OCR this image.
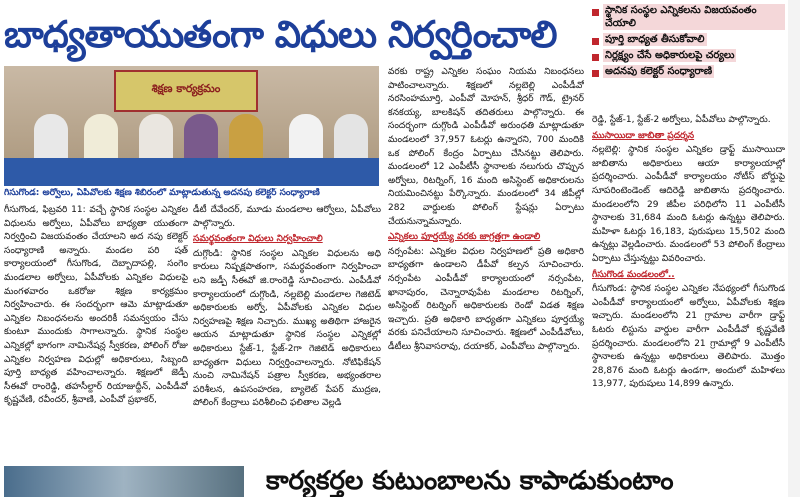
బాధ్యతాయుతంగా విధులు నిర్వర్తించాలి
స్థానిక సంస్థల ఎన్నికలను విజయవంతం చేయాలి
పూర్తి బాధ్యత తీసుకోవాలి
నిర్లక్ష్యం చేసే అధికారులపై చర్యలు
అదనపు కలెక్టర్ సంధ్యారాణి
శిక్షణ కార్యక్రమం
గిసుగొండ: అర్వోలు, ఏపీవోలకు శిక్షణ శిబిరంలో మాట్లాడుతున్న అదనపు కలెక్టర్ సంధ్యారాణి

గీసుగొండ, ఫిబ్రవరి 11: వచ్చే స్థానిక సంస్థల ఎన్నికల విధులను అర్వోలు, ఏపీవోలు బాధ్యతా యుతంగా నిర్వర్తించి విజయవంతం చేయాలని అద నపు కలెక్టర్ సంధ్యారాణి అన్నారు. మండల పరి షత్ కార్యాలయంలో గీసుగొండ, దెబ్బాదాపల్లి, సంగెం మండలాల అర్వోలు, ఏపీవోలకు ఎన్నికల విధులపై మంగళవారం ఒకరోజు శిక్షణ కార్యక్రమం నిర్వహించారు. ఈ సందర్భంగా ఆమె మాట్లాడుతూ ఎన్నికల నిబంధనలను అందరికీ సమన్వయం చేసు కుంటూ ముందుకు సాగాలన్నారు. స్థానిక సంస్థల ఎన్నికల్లో భాగంగా నామినేషన్ల స్వీకరణ, పోలింగ్ రోజు ఎన్నికల నిర్వహణ విధుల్లో అధికారులు, సిబ్బంది పూర్తి బాధ్యత వహించాలన్నారు. శిక్షణలో జెడ్పీ సీఈవో రాంరెడ్డి, తహసీల్దార్ రియాజుద్దీన్, ఎంపీడీవో కృష్ణవేణి, రవీందర్, శ్రీవాణి, ఎంపీవో ప్రభాకర్,

డీటీ దేవేందర్, మూడు మండలాల ఆర్వోలు, ఏపీవోలు పాల్గొన్నారు.

సమర్థవంతంగా విధులు నిర్వహించాలి

దుగ్గొండి: స్థానిక సంస్థల ఎన్నికల విధులను అధి కారులు నిష్పక్షపాతంగా, సమర్థవంతంగా నిర్వహించా లని జడ్పీ సీఈవో జి.రాంరెడ్డి సూచించారు. ఎంపీడీవో కార్యాలయంలో దుగ్గొండి, నల్లబెల్లి మండలాల గెజిటెడ్ అధికారులకు అర్వో, ఏపీవోలకు ఎన్నికల విధుల నిర్వహణపై శిక్షణ నిచ్చారు. ముఖ్య అతిథిగా హాజరైన ఆయన మాట్లాడుతూ స్థానిక సంస్థల ఎన్నికల్లో అధికారులు స్టేజ్-1, స్టేజ్-2గా గెజిటెడ్ అధికారులు బాధ్యతగా విధులు నిర్వర్తించాలన్నారు. నోటిఫికేషన్ నుంచి నామినేషన్ పత్రాల స్వీకరణ, అభ్యంతరాల పరిశీలన, ఉపసంహరణ, బ్యాలెట్ పేపర్ ముద్రణ, పోలింగ్ కేంద్రాలు పరిశీలించి ఫలితాల వెల్లడి

వరకు రాష్ట్ర ఎన్నికల సంఘం నియమ నిబంధనలు పాటించాలన్నారు. శిక్షణలో నల్లబెల్లి ఎంపీడీవో నరసింహమూర్తి, ఎంపీవో మోహన్, శ్రీధర్ గౌడ్, ట్రైనర్ కనకయ్య, బాలకిషన్ తదితరులు పాల్గొన్నారు. ఈ సందర్భంగా దుగ్గొండి ఎంపీడీవో అరుంధతి మాట్లాడుతూ మండలంలో 37,957 ఓటర్లు ఉన్నారని, 700 మందికి ఒక పోలింగ్ కేంద్రం ఏర్పాటు చేసినట్టు తెలిపారు. మండలంలో 12 ఎంపీటీసీ స్థానాలకు నలుగురు చొప్పున అర్వోలు, రిటర్నింగ్, 16 మంది అసిస్టెంట్ అధికారులను నియమించినట్టు పేర్కొన్నారు. మండలంలో 34 జీపీల్లో 282 వార్డులకు పోలింగ్ స్టేషన్లు ఏర్పాటు చేయనున్నామన్నారు.

ఎన్నికలు పూర్తయ్యే వరకు జాగ్రత్తగా ఉండాలి

నర్సంపేట: ఎన్నికల విధుల నిర్వహణలో ప్రతి అధికారి బాధ్యతగా ఉండాలని డీపీవో కల్పన సూచించారు. నర్సంపేట ఎంపీడీవో కార్యాలయంలో నర్సంపేట, ఖానాపురం, చెన్నారావుపేట మండలాల రిటర్నింగ్, అసిస్టెంట్ రిటర్నింగ్ అధికారులకు రెండో విడత శిక్షణ ఇచ్చారు. ప్రతి అధికారి బాధ్యతగా ఎన్నికలు పూర్తయ్యే వరకు పనిచేయాలని సూచించారు. శిక్షణలో ఎంపీడీవోలు, డీటీలు శ్రీనివాసరావు, దయాకర్, ఎంపీవోలు పాల్గొన్నారు.

రెడ్డి, స్టేజ్-1, స్టేజ్-2 అర్వోలు, ఏపీవోలు పాల్గొన్నారు.

ముసాయిదా జాబితా ప్రదర్శన

నల్లబెల్లి: స్థానిక సంస్థల ఎన్నికల డ్రాఫ్ట్ ముసాయిదా జాబితాను అధికారులు ఆయా కార్యాలయాల్లో ప్రదర్శించారు. ఎంపీడీవో కార్యాలయం నోటీస్ బోర్డుపై సూపరింటెండెంట్ ఆదిరెడ్డి జాబితాను ప్రదర్శించారు. మండలంలోని 29 జీపీల పరిధిలోని 11 ఎంపీటీసీ స్థానాలకు 31,684 మంది ఓటర్లు ఉన్నట్టు తెలిపారు. మహిళా ఓటర్లు 16,183, పురుషులు 15,502 మంది ఉన్నట్లు వెల్లడించారు. మండలంలో 53 పోలింగ్ కేంద్రాలు ఏర్పాటు చేస్తున్నట్టు వివరించారు.

గీసుగొండ మండలంలో..

గీసుగొండ: స్థానిక సంస్థల ఎన్నికల నేపథ్యంలో గీసుగొండ ఎంపీడీవో కార్యాలయంలో అర్వోలు, ఏపీవోలకు శిక్షణ ఇచ్చారు. మండలంలోని 21 గ్రామాల వారీగా డ్రాఫ్ట్ ఓటరు లిస్టును వార్డుల వారీగా ఎంపీడీవో కృష్ణవేణి ప్రదర్శించారు. మండలంలోని 21 గ్రామాల్లో 9 ఎంపీటీసీ స్థానాలకు ఉన్నట్టు అధికారులు తెలిపారు. మొత్తం 28,876 మంది ఓటర్లు ఉండగా, అందులో మహిళలు 13,977, పురుషులు 14,899 ఉన్నారు.

కార్యకర్తల కుటుంబాలను కాపాడుకుంటాం
